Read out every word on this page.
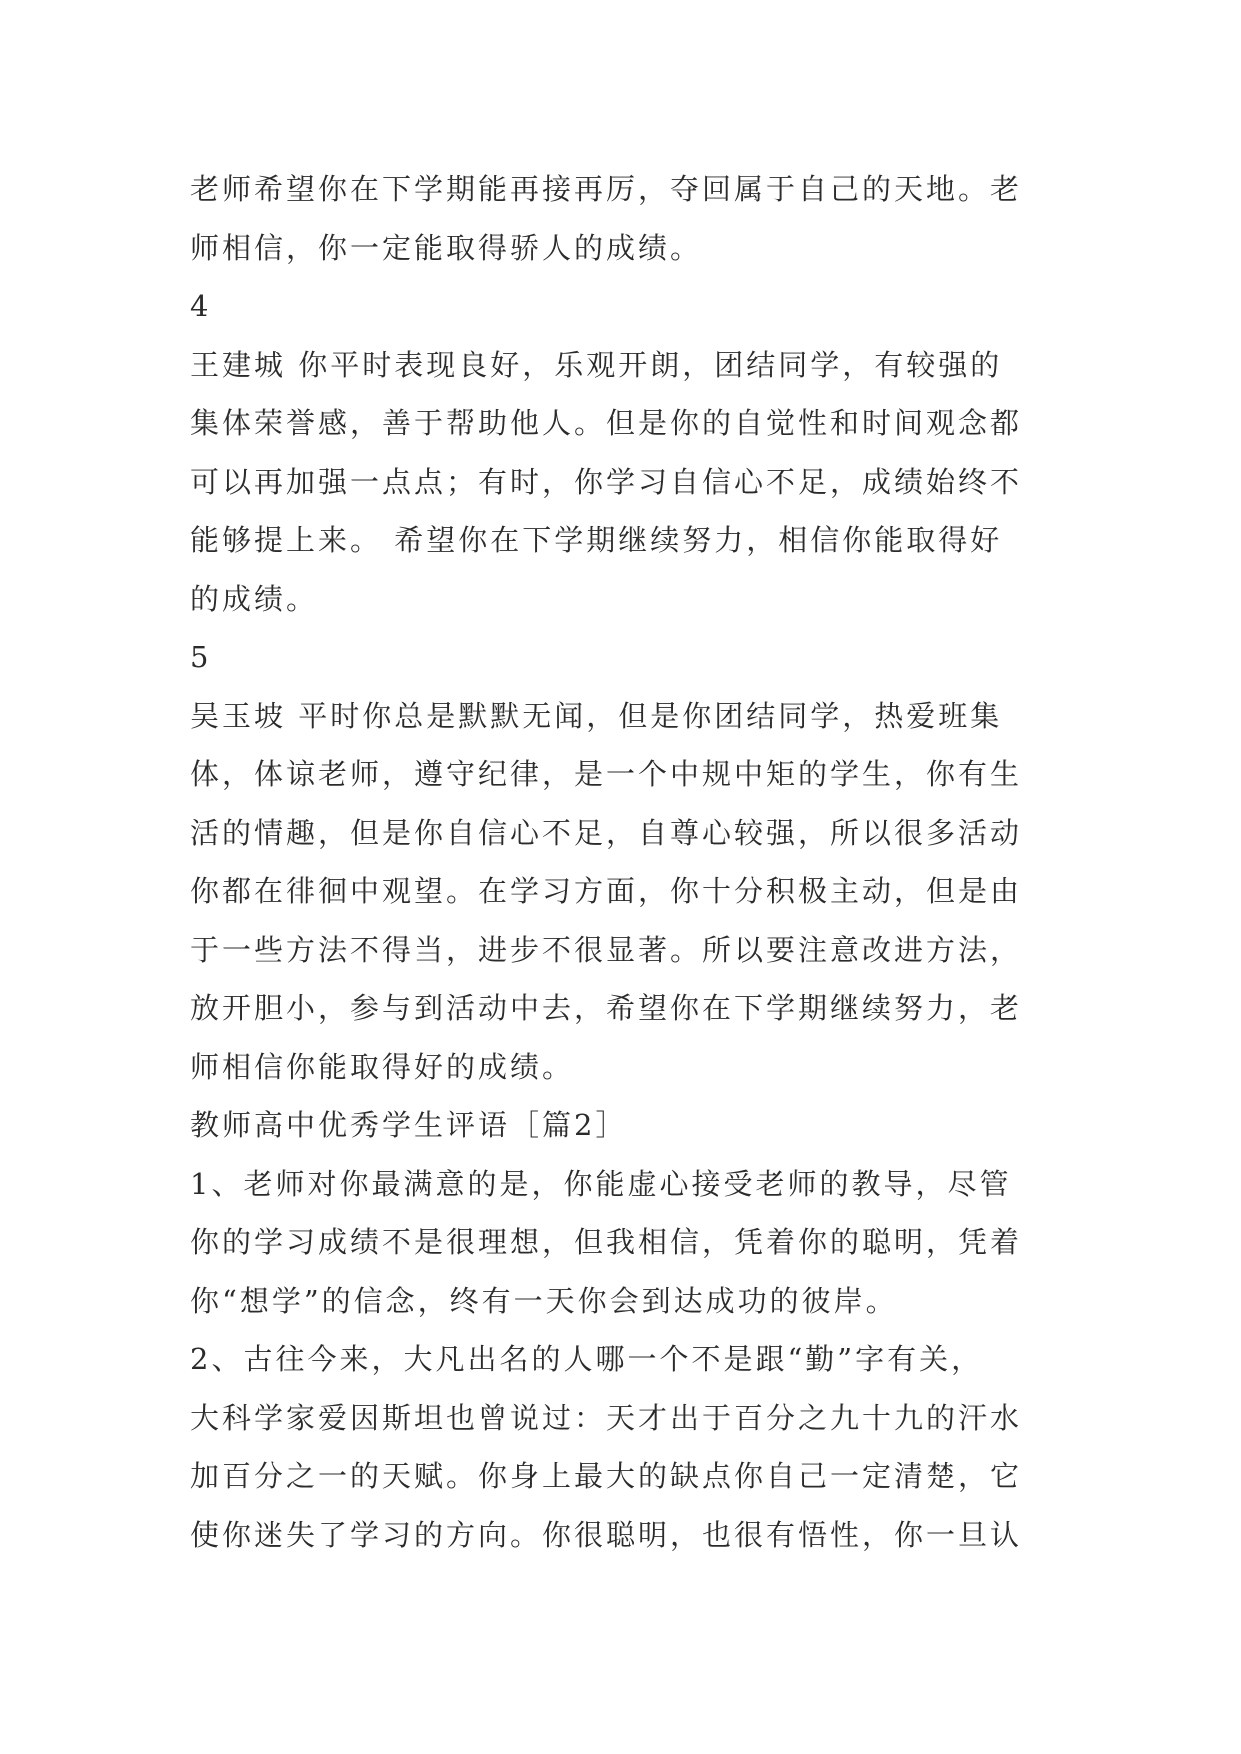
老师希望你在下学期能再接再厉，夺回属于自己的天地。老
师相信，你一定能取得骄人的成绩。
4
王建城 你平时表现良好，乐观开朗，团结同学，有较强的
集体荣誉感，善于帮助他人。但是你的自觉性和时间观念都
可以再加强一点点；有时，你学习自信心不足，成绩始终不
能够提上来。 希望你在下学期继续努力，相信你能取得好
的成绩。
5
吴玉坡 平时你总是默默无闻，但是你团结同学，热爱班集
体，体谅老师，遵守纪律，是一个中规中矩的学生，你有生
活的情趣，但是你自信心不足，自尊心较强，所以很多活动
你都在徘徊中观望。在学习方面，你十分积极主动，但是由
于一些方法不得当，进步不很显著。所以要注意改进方法，
放开胆小，参与到活动中去，希望你在下学期继续努力，老
师相信你能取得好的成绩。
教师高中优秀学生评语［篇2］
1、老师对你最满意的是，你能虚心接受老师的教导，尽管
你的学习成绩不是很理想，但我相信，凭着你的聪明，凭着
你“想学”的信念，终有一天你会到达成功的彼岸。
2、古往今来，大凡出名的人哪一个不是跟“勤”字有关，
大科学家爱因斯坦也曾说过：天才出于百分之九十九的汗水
加百分之一的天赋。你身上最大的缺点你自己一定清楚，它
使你迷失了学习的方向。你很聪明，也很有悟性，你一旦认
